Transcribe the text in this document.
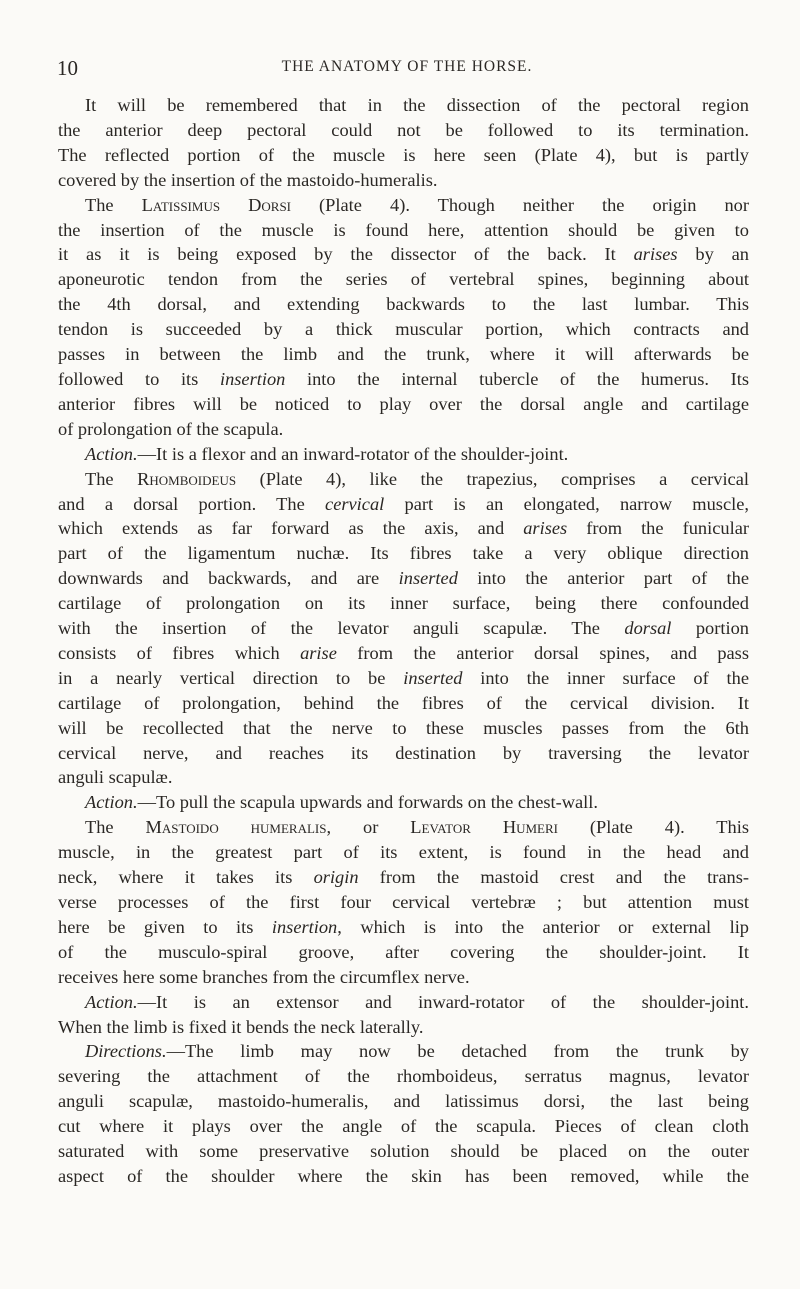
10	THE ANATOMY OF THE HORSE.
It will be remembered that in the dissection of the pectoral region
the anterior deep pectoral could not be followed to its termination.
The reflected portion of the muscle is here seen (Plate 4), but is partly
covered by the insertion of the mastoido-humeralis.
The Latissimus Dorsi (Plate 4). Though neither the origin nor
the insertion of the muscle is found here, attention should be given to
it as it is being exposed by the dissector of the back. It arises by an
aponeurotic tendon from the series of vertebral spines, beginning about
the 4th dorsal, and extending backwards to the last lumbar. This
tendon is succeeded by a thick muscular portion, which contracts and
passes in between the limb and the trunk, where it will afterwards be
followed to its insertion into the internal tubercle of the humerus. Its
anterior fibres will be noticed to play over the dorsal angle and cartilage
of prolongation of the scapula.
Action.—It is a flexor and an inward-rotator of the shoulder-joint.
The Rhomboideus (Plate 4), like the trapezius, comprises a cervical
and a dorsal portion. The cervical part is an elongated, narrow muscle,
which extends as far forward as the axis, and arises from the funicular
part of the ligamentum nuchæ. Its fibres take a very oblique direction
downwards and backwards, and are inserted into the anterior part of the
cartilage of prolongation on its inner surface, being there confounded
with the insertion of the levator anguli scapulæ. The dorsal portion
consists of fibres which arise from the anterior dorsal spines, and pass
in a nearly vertical direction to be inserted into the inner surface of the
cartilage of prolongation, behind the fibres of the cervical division. It
will be recollected that the nerve to these muscles passes from the 6th
cervical nerve, and reaches its destination by traversing the levator
anguli scapulæ.
Action.—To pull the scapula upwards and forwards on the chest-wall.
The Mastoido humeralis, or Levator Humeri (Plate 4). This
muscle, in the greatest part of its extent, is found in the head and
neck, where it takes its origin from the mastoid crest and the trans-
verse processes of the first four cervical vertebræ ; but attention must
here be given to its insertion, which is into the anterior or external lip
of the musculo-spiral groove, after covering the shoulder-joint. It
receives here some branches from the circumflex nerve.
Action.—It is an extensor and inward-rotator of the shoulder-joint.
When the limb is fixed it bends the neck laterally.
Directions.—The limb may now be detached from the trunk by
severing the attachment of the rhomboideus, serratus magnus, levator
anguli scapulæ, mastoido-humeralis, and latissimus dorsi, the last being
cut where it plays over the angle of the scapula. Pieces of clean cloth
saturated with some preservative solution should be placed on the outer
aspect of the shoulder where the skin has been removed, while the
